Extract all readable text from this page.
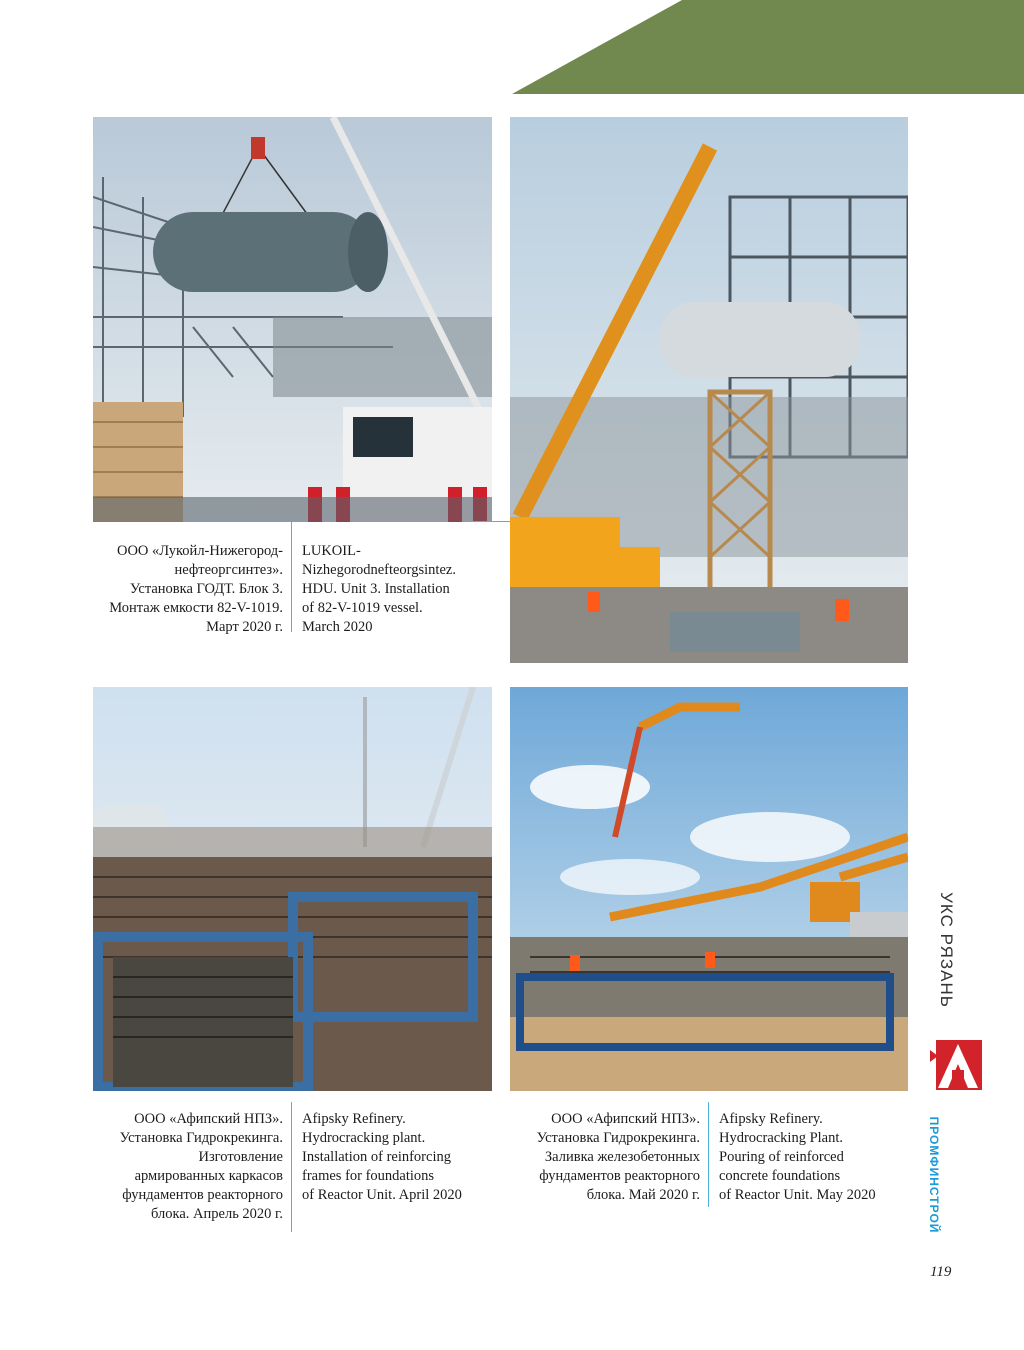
ООО «Лукойл-Нижегород-
нефтеоргсинтез».
Установка ГОДТ. Блок 3.
Монтаж емкости 82-V-1019.
Март 2020 г.
LUKOIL-
Nizhegorodnefteorgsintez.
HDU. Unit 3. Installation
of 82-V-1019 vessel.
March 2020
ООО «Афипский НПЗ».
Установка Гидрокрекинга.
Изготовление
армированных каркасов
фундаментов реакторного
блока. Апрель 2020 г.
Afipsky Refinery.
Hydrocracking plant.
Installation of reinforcing
frames for foundations
of Reactor Unit. April 2020
ООО «Афипский НПЗ».
Установка Гидрокрекинга.
Заливка железобетонных
фундаментов реакторного
блока. Май 2020 г.
Afipsky Refinery.
Hydrocracking Plant.
Pouring of reinforced
concrete foundations
of Reactor Unit. May 2020
УКС РЯЗАНЬ
ПРОМФИНСТРОЙ
119
